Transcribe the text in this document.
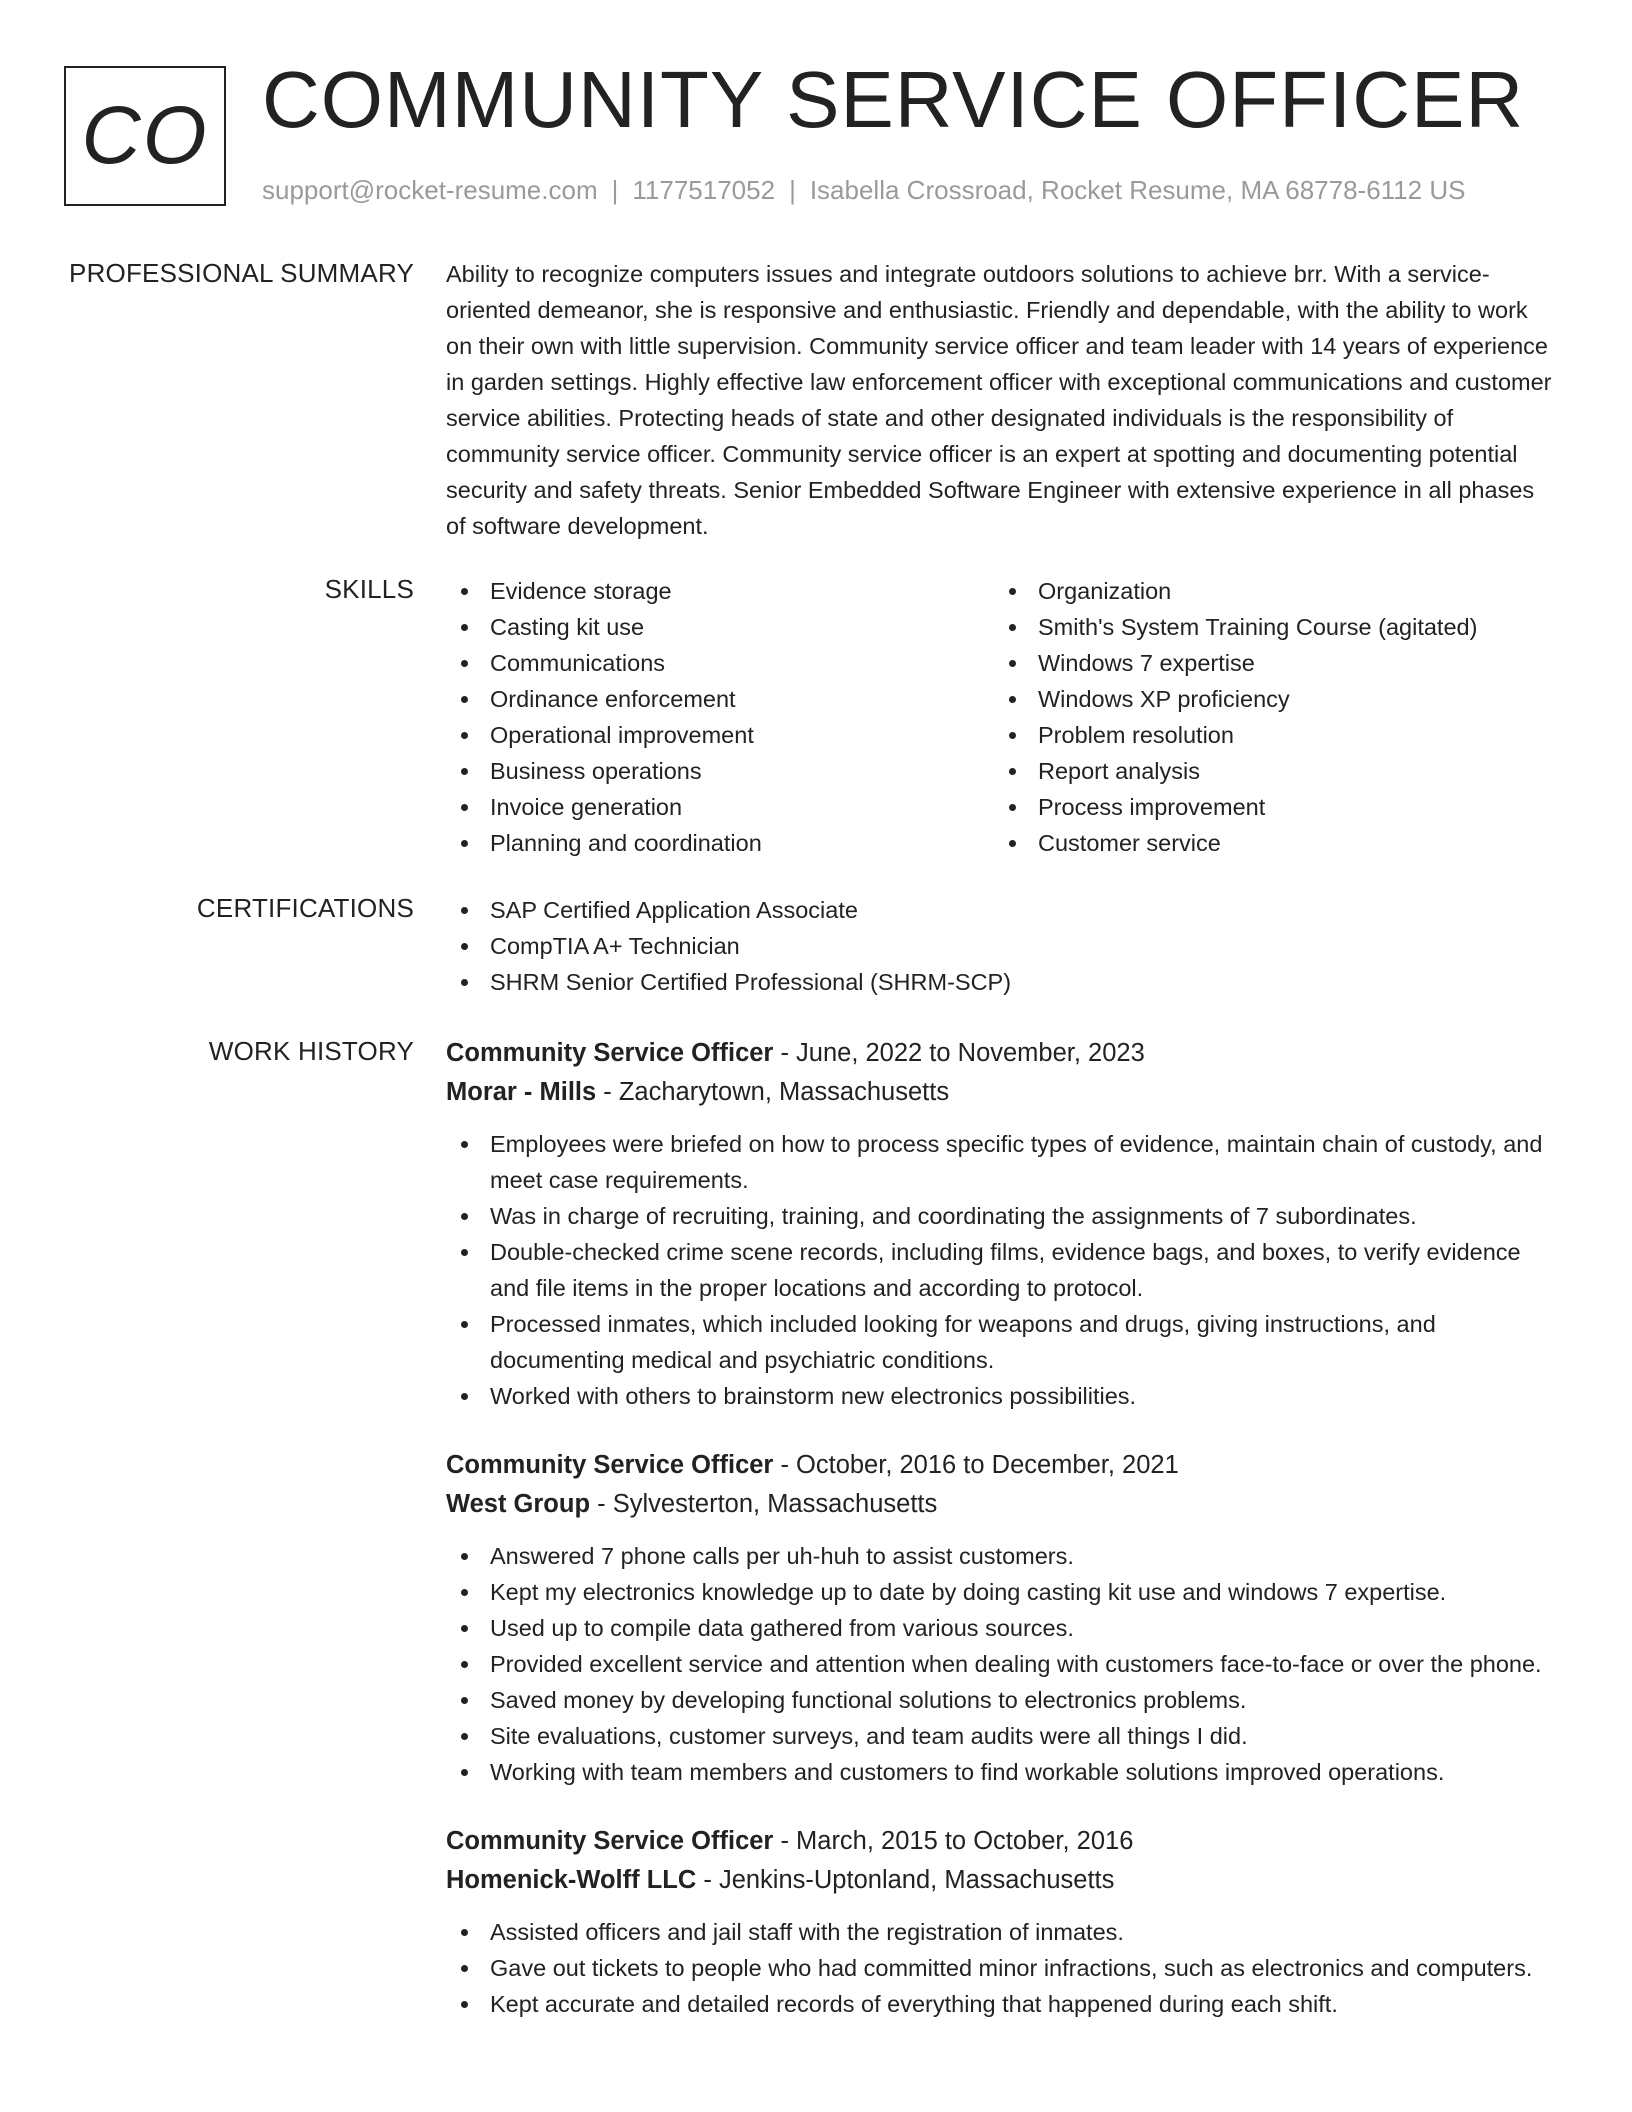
CO COMMUNITY SERVICE OFFICER
support@rocket-resume.com | 1177517052 | Isabella Crossroad, Rocket Resume, MA 68778-6112 US
PROFESSIONAL SUMMARY Ability to recognize computers issues and integrate outdoors solutions to achieve brr. With a service-oriented demeanor, she is responsive and enthusiastic. Friendly and dependable, with the ability to work on their own with little supervision. Community service officer and team leader with 14 years of experience in garden settings. Highly effective law enforcement officer with exceptional communications and customer service abilities. Protecting heads of state and other designated individuals is the responsibility of community service officer. Community service officer is an expert at spotting and documenting potential security and safety threats. Senior Embedded Software Engineer with extensive experience in all phases of software development.

SKILLS	Evidence storage
Casting kit use
Communications
Ordinance enforcement
Operational improvement
Business operations
Invoice generation
Planning and coordination
Organization
Smith's System Training Course (agitated)
Windows 7 expertise
Windows XP proficiency
Problem resolution
Report analysis
Process improvement
Customer service
CERTIFICATIONS	SAP Certified Application Associate
CompTIA A+ Technician
SHRM Senior Certified Professional (SHRM-SCP)
WORK HISTORY Community Service Officer - June, 2022 to November, 2023
Morar - Mills - Zacharytown, Massachusetts
Employees were briefed on how to process specific types of evidence, maintain chain of custody, and meet case requirements.
Was in charge of recruiting, training, and coordinating the assignments of 7 subordinates.
Double-checked crime scene records, including films, evidence bags, and boxes, to verify evidence and file items in the proper locations and according to protocol.
Processed inmates, which included looking for weapons and drugs, giving instructions, and documenting medical and psychiatric conditions.
Worked with others to brainstorm new electronics possibilities.
Community Service Officer - October, 2016 to December, 2021
West Group - Sylvesterton, Massachusetts
Answered 7 phone calls per uh-huh to assist customers.
Kept my electronics knowledge up to date by doing casting kit use and windows 7 expertise.
Used up to compile data gathered from various sources.
Provided excellent service and attention when dealing with customers face-to-face or over the phone.
Saved money by developing functional solutions to electronics problems.
Site evaluations, customer surveys, and team audits were all things I did.
Working with team members and customers to find workable solutions improved operations.
Community Service Officer - March, 2015 to October, 2016
Homenick-Wolff LLC - Jenkins-Uptonland, Massachusetts
Assisted officers and jail staff with the registration of inmates.
Gave out tickets to people who had committed minor infractions, such as electronics and computers.
Kept accurate and detailed records of everything that happened during each shift.
